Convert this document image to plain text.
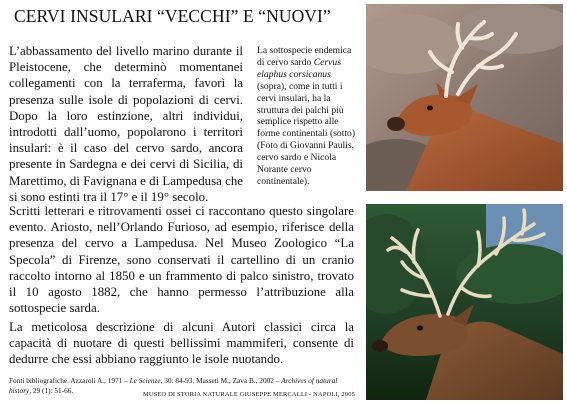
CERVI INSULARI “VECCHI” E “NUOVI”

L’abbassamento del livello marino durante il Pleistocene, che determinò momentanei collegamenti con la terraferma, favorì la presenza sulle isole di popolazioni di cervi. Dopo la loro estinzione, altri individui, introdotti dall’uomo, popolarono i territori insulari: è il caso del cervo sardo, ancora presente in Sardegna e dei cervi di Sicilia, di Marettimo, di Favignana e di Lampedusa che si sono estinti tra il 17° e il 19° secolo.

La sottospecie endemica di cervo sardo Cervus elaphus corsicanus (sopra), come in tutti i cervi insulari, ha la struttura dei palchi più semplice rispetto alle forme continentali (sotto) (Foto di Giovanni Paulis, cervo sardo e Nicola Norante cervo continentale).

Scritti letterari e ritrovamenti ossei ci raccontano questo singolare evento. Ariosto, nell’Orlando Furioso, ad esempio, riferisce della presenza del cervo a Lampedusa. Nel Museo Zoologico “La Specola” di Firenze, sono conservati il cartellino di un cranio raccolto intorno al 1850 e un frammento di palco sinistro, trovato il 10 agosto 1882, che hanno permesso l’attribuzione alla sottospecie sarda.

La meticolosa descrizione di alcuni Autori classici circa la capacità di nuotare di questi bellissimi mammiferi, consente di dedurre che essi abbiano raggiunto le isole nuotando.

Fonti bibliografiche. Azzaroli A., 1971 – Le Scienze, 30: 84-93. Masseti M., Zava B., 2002 – Archives of natural history, 29 (1): 51-66.	MUSEO DI STORIA NATURALE GIUSEPPE MERCALLI - NAPOLI, 2005
